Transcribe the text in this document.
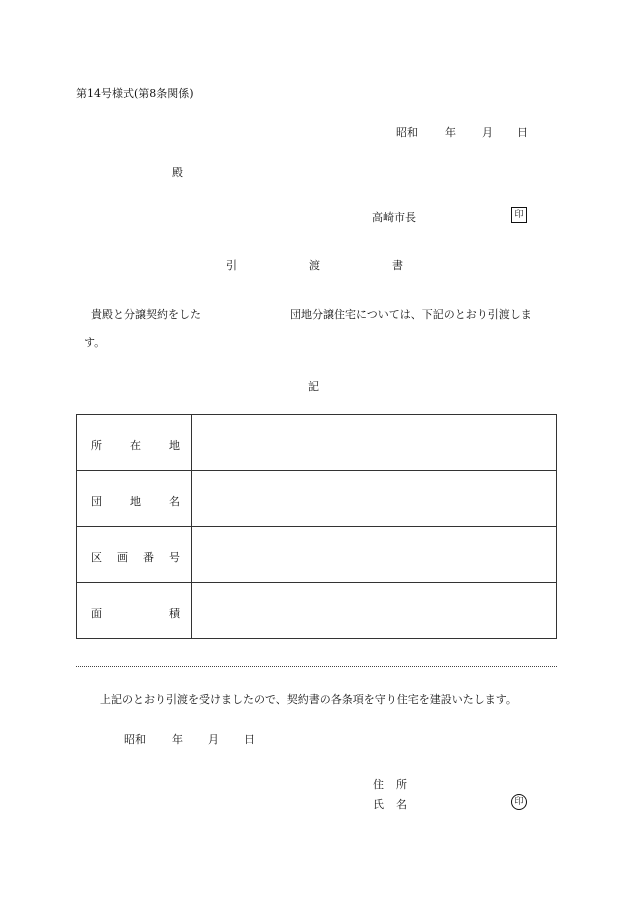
第14号様式(第8条関係)
昭和 年 月 日
殿
高崎市長	印
引	渡	書
貴殿と分譲契約をした	団地分譲住宅については、下記のとおり引渡しま
す。
記
所 在 地	

団 地 名	

区 画 番 号	

面 積	

上記のとおり引渡を受けましたので、契約書の各条項を守り住宅を建設いたします。
昭和 年 月 日
住 所
氏 名	印
